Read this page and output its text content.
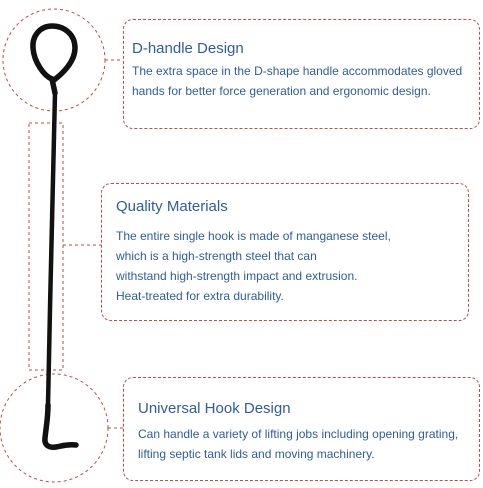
D-handle Design
The extra space in the D-shape handle accommodates gloved hands for better force generation and ergonomic design.
Quality Materials
The entire single hook is made of manganese steel,
which is a high-strength steel that can
withstand high-strength impact and extrusion.
Heat-treated for extra durability.
Universal Hook Design
Can handle a variety of lifting jobs including opening grating,
lifting septic tank lids and moving machinery.
